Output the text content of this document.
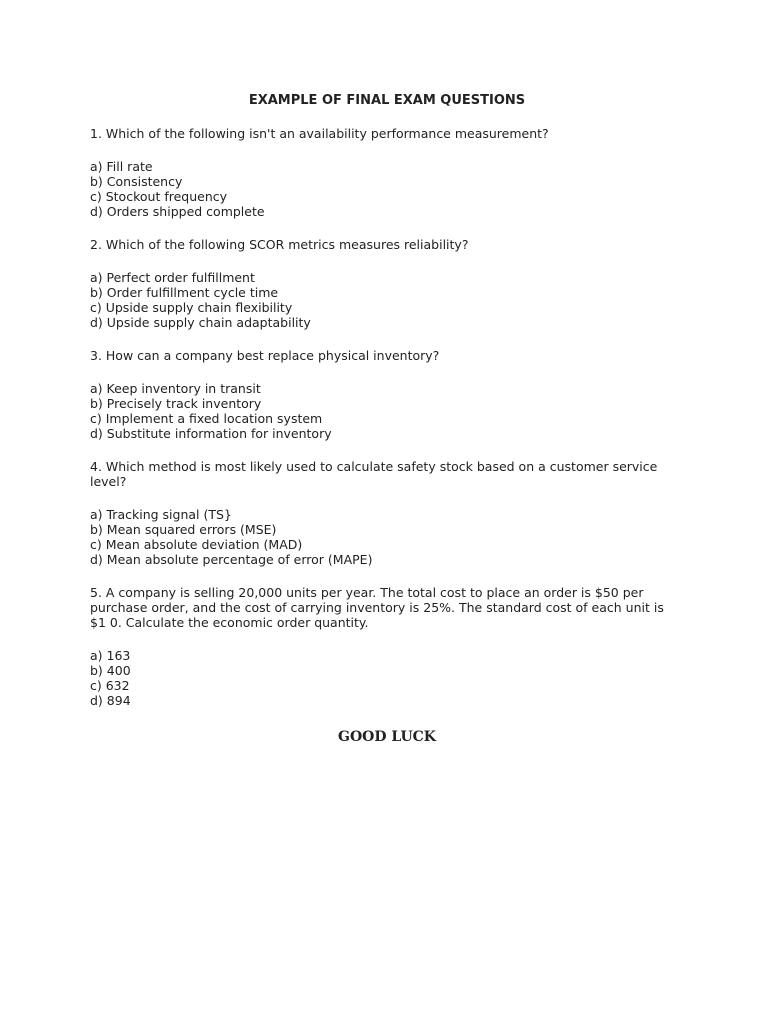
EXAMPLE OF FINAL EXAM QUESTIONS
1. Which of the following isn't an availability performance measurement?
a) Fill rate
b) Consistency
c) Stockout frequency
d) Orders shipped complete
2. Which of the following SCOR metrics measures reliability?
a) Perfect order fulfillment
b) Order fulfillment cycle time
c) Upside supply chain flexibility
d) Upside supply chain adaptability
3. How can a company best replace physical inventory?
a) Keep inventory in transit
b) Precisely track inventory
c) Implement a fixed location system
d) Substitute information for inventory
4. Which method is most likely used to calculate safety stock based on a customer service level?
a) Tracking signal (TS}
b) Mean squared errors (MSE)
c) Mean absolute deviation (MAD)
d) Mean absolute percentage of error (MAPE)
5. A company is selling 20,000 units per year. The total cost to place an order is $50 per purchase order, and the cost of carrying inventory is 25%. The standard cost of each unit is $1 0. Calculate the economic order quantity.
a) 163
b) 400
c) 632
d) 894
GOOD LUCK
